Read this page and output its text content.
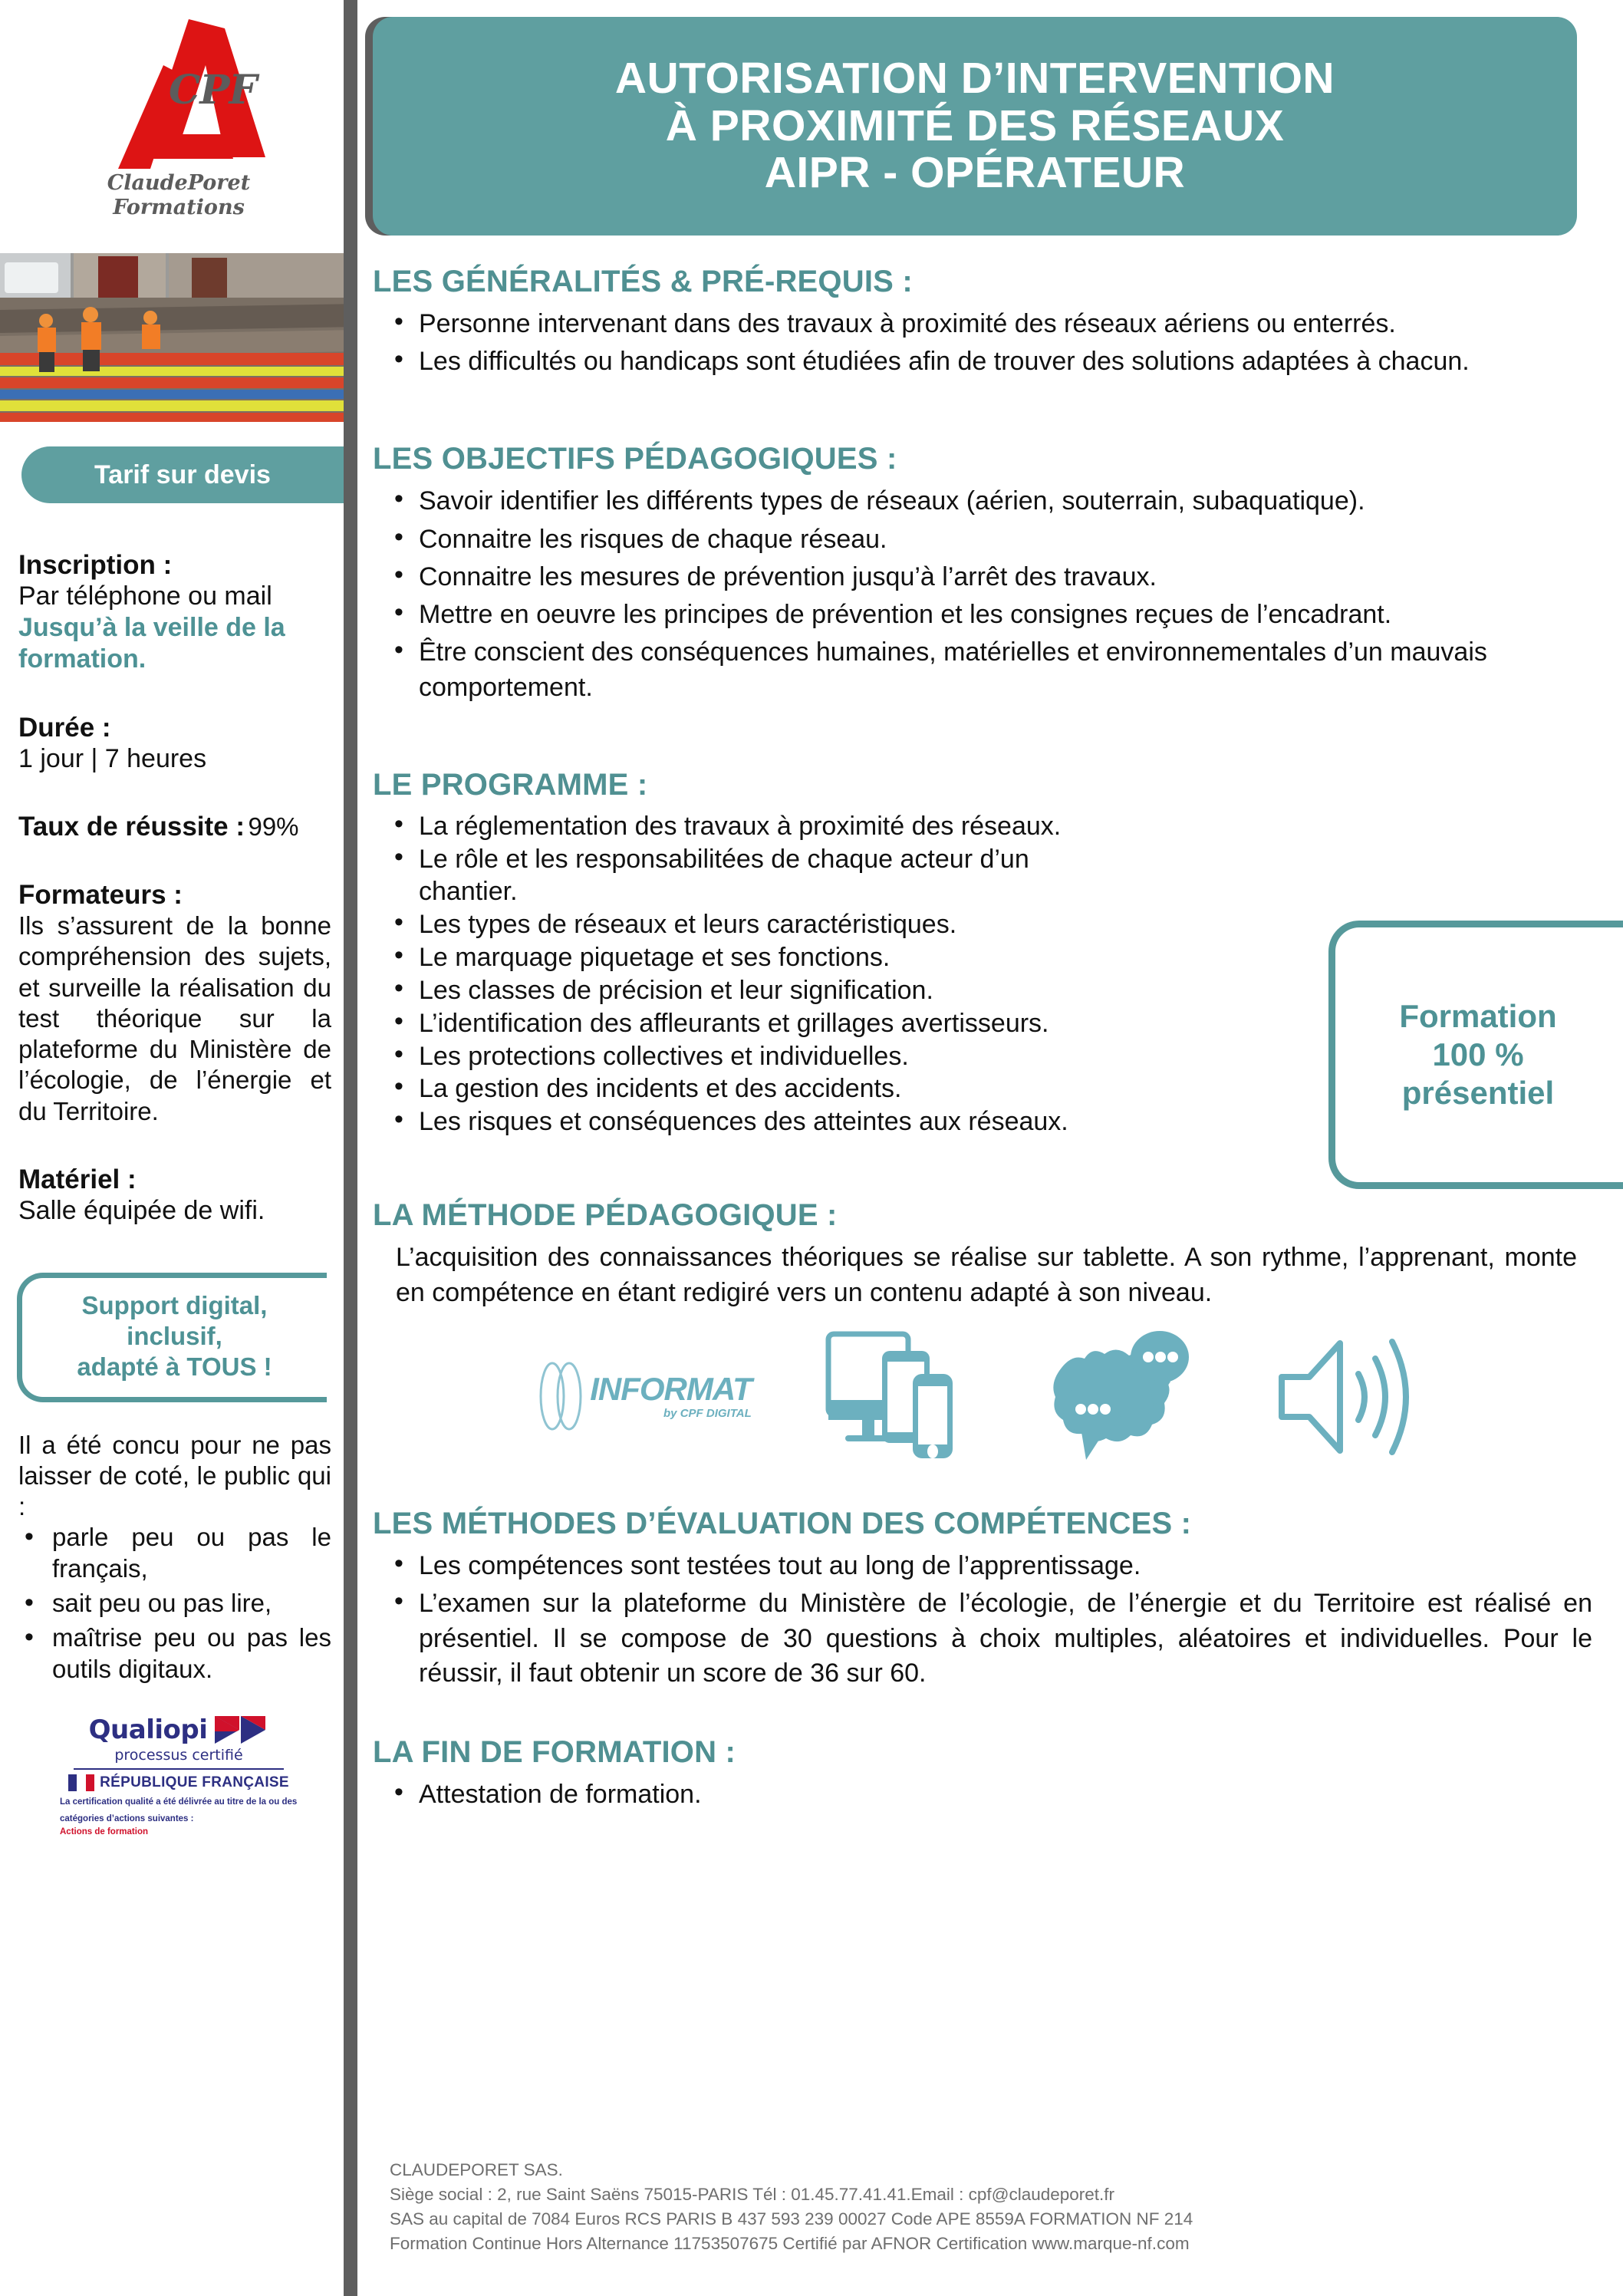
CPF
ClaudePoret
Formations
Tarif sur devis
Inscription :
Par téléphone ou mail
Jusqu’à la veille de la
formation.
Durée :
1 jour | 7 heures
Taux de réussite : 99%
Formateurs :
Ils s’assurent de la bonne compréhension des sujets, et surveille la réalisation du test théorique sur la plateforme du Ministère de l’écologie, de l’énergie et du Territoire.
Matériel :
Salle équipée de wifi.
Support digital,
inclusif,
adapté à TOUS !
Il a été concu pour ne pas laisser de coté, le public qui :
• parle peu ou pas le français,
• sait peu ou pas lire,
• maîtrise peu ou pas les outils digitaux.
Qualiopi
processus certifié
RÉPUBLIQUE FRANÇAISE
La certification qualité a été délivrée au titre de la ou des
catégories d’actions suivantes :
Actions de formation
AUTORISATION D’INTERVENTION
À PROXIMITÉ DES RÉSEAUX
AIPR - OPÉRATEUR
LES GÉNÉRALITÉS & PRÉ-REQUIS :
• Personne intervenant dans des travaux à proximité des réseaux aériens ou enterrés.
• Les difficultés ou handicaps sont étudiées afin de trouver des solutions adaptées à chacun.
LES OBJECTIFS PÉDAGOGIQUES :
• Savoir identifier les différents types de réseaux (aérien, souterrain, subaquatique).
• Connaitre les risques de chaque réseau.
• Connaitre les mesures de prévention jusqu’à l’arrêt des travaux.
• Mettre en oeuvre les principes de prévention et les consignes reçues de l’encadrant.
• Être conscient des conséquences humaines, matérielles et environnementales d’un mauvais comportement.
LE PROGRAMME :
• La réglementation des travaux à proximité des réseaux.
• Le rôle et les responsabilitées de chaque acteur d’un chantier.
• Les types de réseaux et leurs caractéristiques.
• Le marquage piquetage et ses fonctions.
• Les classes de précision et leur signification.
• L’identification des affleurants et grillages avertisseurs.
• Les protections collectives et individuelles.
• La gestion des incidents et des accidents.
• Les risques et conséquences des atteintes aux réseaux.
LA MÉTHODE PÉDAGOGIQUE :

L’acquisition des connaissances théoriques se réalise sur tablette. A son rythme, l’apprenant, monte en compétence en étant redigiré vers un contenu adapté à son niveau.

INFORMAT
by CPF DIGITAL
LES MÉTHODES D’ÉVALUATION DES COMPÉTENCES :
• Les compétences sont testées tout au long de l’apprentissage.
• L’examen sur la plateforme du Ministère de l’écologie, de l’énergie et du Territoire est réalisé en présentiel. Il se compose de 30 questions à choix multiples, aléatoires et individuelles. Pour le réussir, il faut obtenir un score de 36 sur 60.
LA FIN DE FORMATION :
• Attestation de formation.
Formation
100 %
présentiel
CLAUDEPORET SAS.
Siège social : 2, rue Saint Saëns 75015-PARIS Tél : 01.45.77.41.41.Email : cpf@claudeporet.fr
SAS au capital de 7084 Euros RCS PARIS B 437 593 239 00027 Code APE 8559A FORMATION NF 214
Formation Continue Hors Alternance 11753507675 Certifié par AFNOR Certification www.marque-nf.com
